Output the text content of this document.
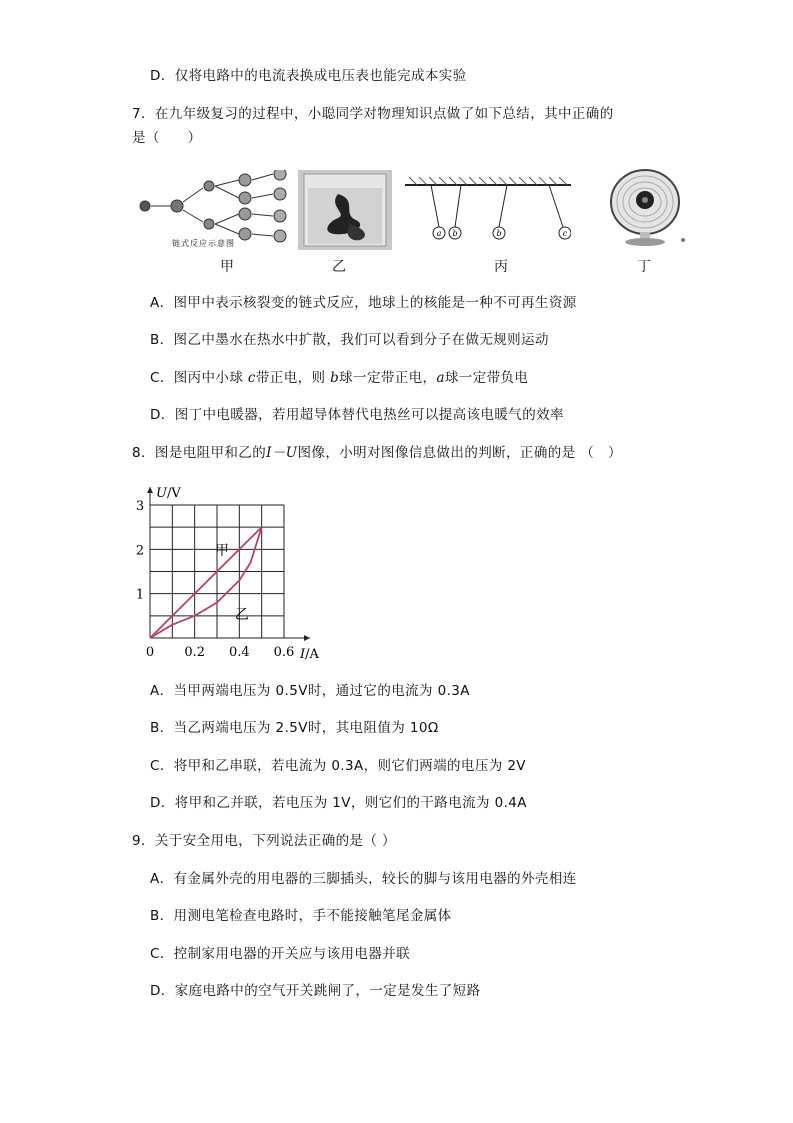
D．仅将电路中的电流表换成电压表也能完成本实验
7．在九年级复习的过程中，小聪同学对物理知识点做了如下总结，其中正确的
是（　　）
链式反应示意图
a b	b	c
甲	乙	丙	丁
A．图甲中表示核裂变的链式反应，地球上的核能是一种不可再生资源
B．图乙中墨水在热水中扩散，我们可以看到分子在做无规则运动
C．图丙中小球 c带正电，则 b球一定带正电，a球一定带负电
D．图丁中电暖器，若用超导体替代电热丝可以提高该电暖气的效率
8．图是电阻甲和乙的I－U图像，小明对图像信息做出的判断，正确的是 （　）
甲
乙
0 0.2 0.4 0.6
1
2
3
I/A
U/V
A．当甲两端电压为 0.5V时，通过它的电流为 0.3A
B．当乙两端电压为 2.5V时，其电阻值为 10Ω
C．将甲和乙串联，若电流为 0.3A，则它们两端的电压为 2V
D．将甲和乙并联，若电压为 1V，则它们的干路电流为 0.4A
9．关于安全用电，下列说法正确的是（ ）
A．有金属外壳的用电器的三脚插头，较长的脚与该用电器的外壳相连
B．用测电笔检查电路时，手不能接触笔尾金属体
C．控制家用电器的开关应与该用电器并联
D．家庭电路中的空气开关跳闸了，一定是发生了短路
